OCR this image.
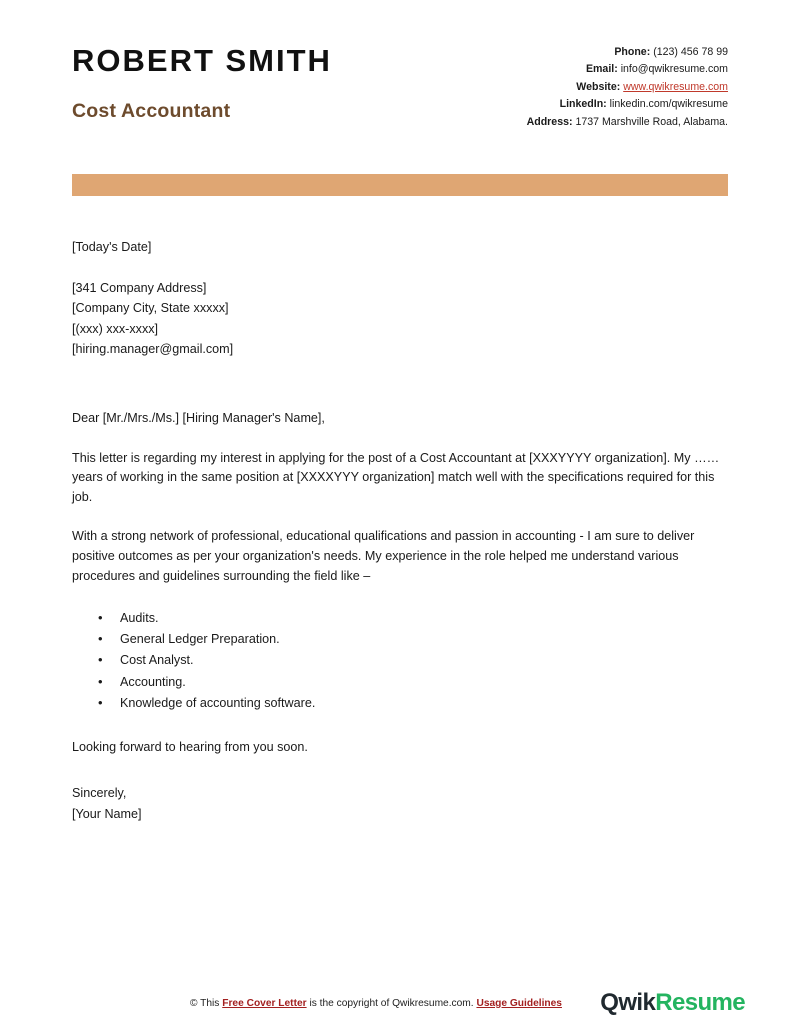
ROBERT SMITH
Cost Accountant
Phone: (123) 456 78 99
Email: info@qwikresume.com
Website: www.qwikresume.com
LinkedIn: linkedin.com/qwikresume
Address: 1737 Marshville Road, Alabama.
[Today's Date]
[341 Company Address]
[Company City, State xxxxx]
[(xxx) xxx-xxxx]
[hiring.manager@gmail.com]
Dear [Mr./Mrs./Ms.] [Hiring Manager's Name],
This letter is regarding my interest in applying for the post of a Cost Accountant at [XXXYYYY organization]. My …… years of working in the same position at [XXXXYYY organization] match well with the specifications required for this job.
With a strong network of professional, educational qualifications and passion in accounting - I am sure to deliver positive outcomes as per your organization's needs. My experience in the role helped me understand various procedures and guidelines surrounding the field like –
• Audits.
• General Ledger Preparation.
• Cost Analyst.
• Accounting.
• Knowledge of accounting software.
Looking forward to hearing from you soon.
Sincerely,
[Your Name]
© This Free Cover Letter is the copyright of Qwikresume.com. Usage Guidelines QwikResume
